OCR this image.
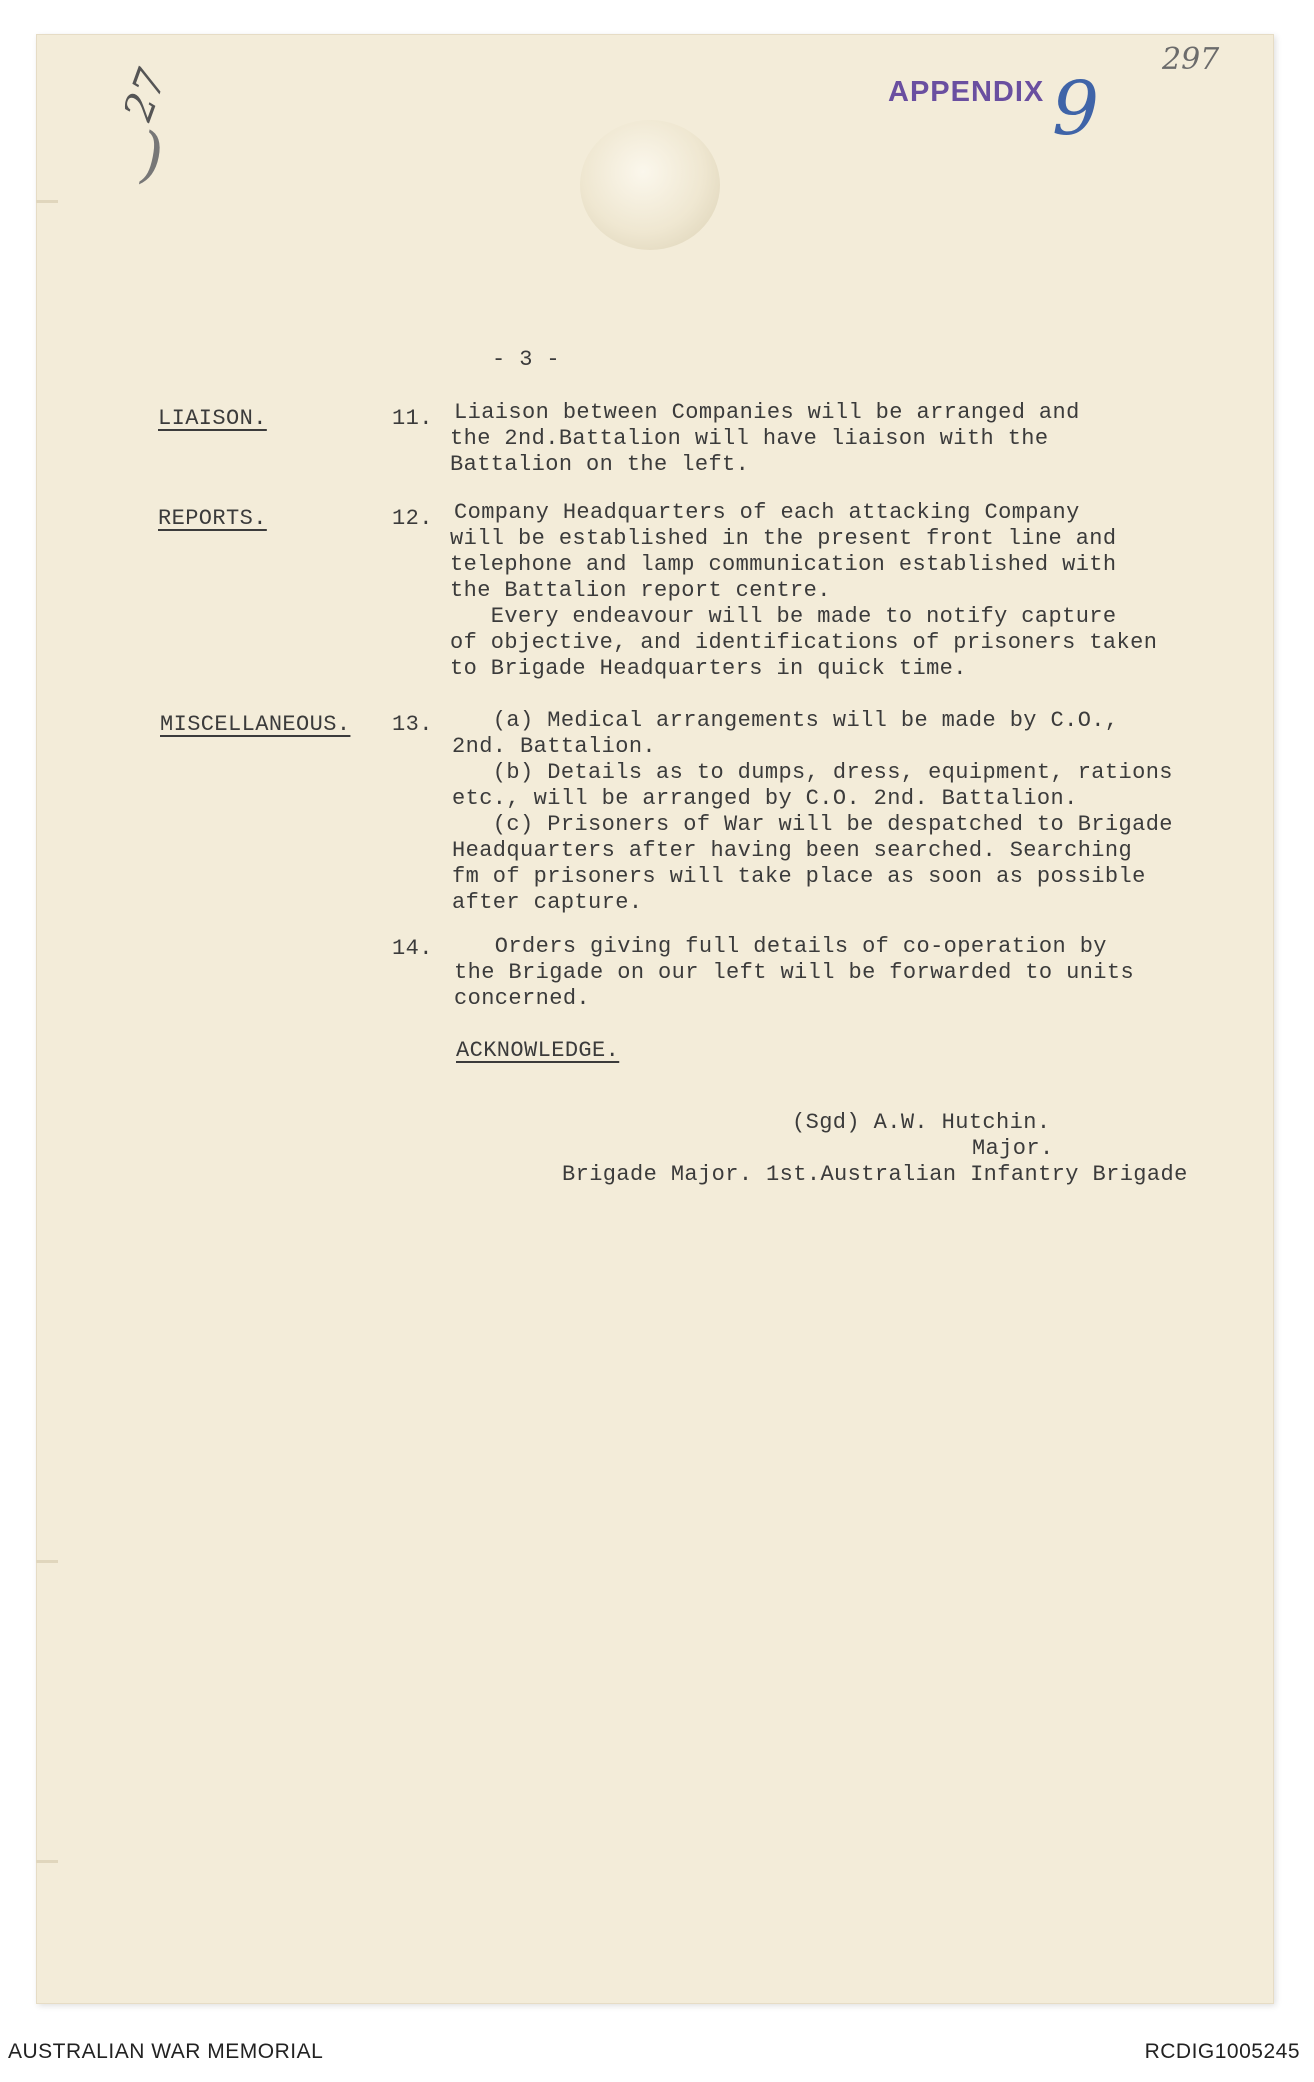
27
)
APPENDIX 9
297
- 3 -
LIAISON.	11. Liaison between Companies will be arranged and
the 2nd.Battalion will have liaison with the
Battalion on the left.
REPORTS.	12. Company Headquarters of each attacking Company
will be established in the present front line and
telephone and lamp communication established with
the Battalion report centre.
Every endeavour will be made to notify capture
of objective, and identifications of prisoners taken
to Brigade Headquarters in quick time.
MISCELLANEOUS. 13. (a) Medical arrangements will be made by C.O.,
2nd. Battalion.
(b) Details as to dumps, dress, equipment, rations
etc., will be arranged by C.O. 2nd. Battalion.
(c) Prisoners of War will be despatched to Brigade
Headquarters after having been searched. Searching
fm of prisoners will take place as soon as possible
after capture.
14. Orders giving full details of co-operation by
the Brigade on our left will be forwarded to units
concerned.
ACKNOWLEDGE.
(Sgd) A.W. Hutchin.
Major.
Brigade Major. 1st.Australian Infantry Brigade
AUSTRALIAN WAR MEMORIAL	RCDIG1005245
